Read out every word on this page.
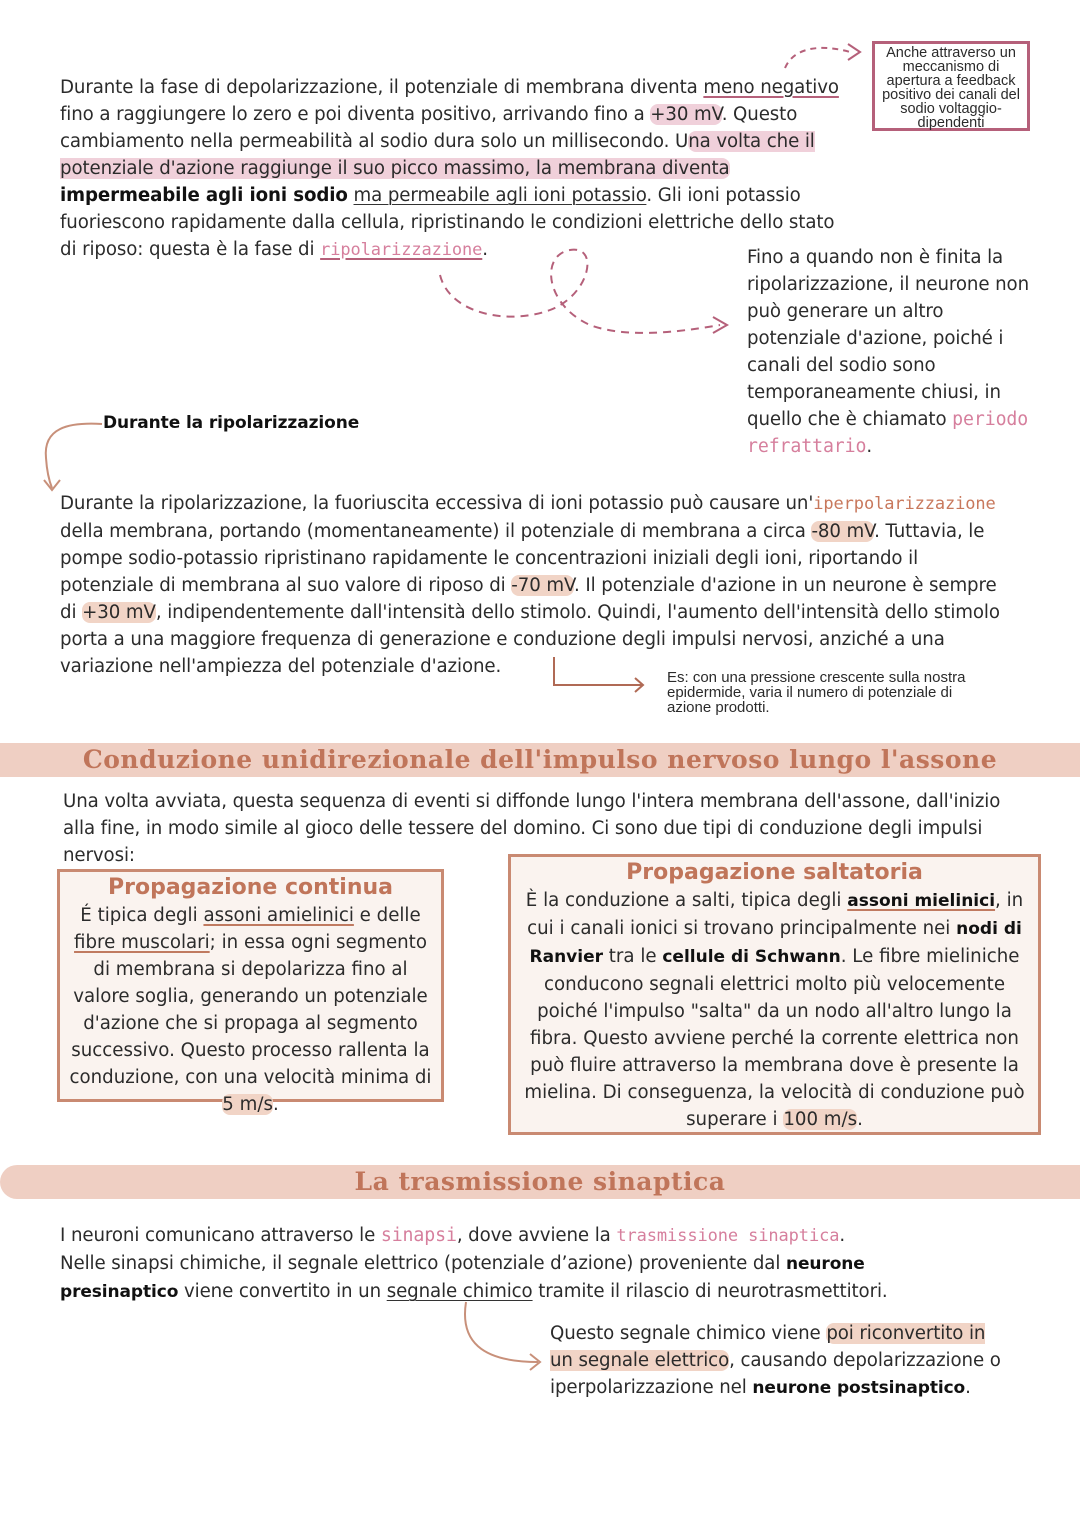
Durante la fase di depolarizzazione, il potenziale di membrana diventa meno negativo fino a raggiungere lo zero e poi diventa positivo, arrivando fino a +30 mV. Questo cambiamento nella permeabilità al sodio dura solo un millisecondo. Una volta che il potenziale d'azione raggiunge il suo picco massimo, la membrana diventa
impermeabile agli ioni sodio ma permeabile agli ioni potassio. Gli ioni potassio fuoriescono rapidamente dalla cellula, ripristinando le condizioni elettriche dello stato di riposo: questa è la fase di ripolarizzazione.
Anche attraverso un meccanismo di apertura a feedback positivo dei canali del sodio voltaggio-dipendenti
Fino a quando non è finita la ripolarizzazione, il neurone non può generare un altro potenziale d'azione, poiché i canali del sodio sono temporaneamente chiusi, in quello che è chiamato periodo refrattario.
Durante la ripolarizzazione
Durante la ripolarizzazione, la fuoriuscita eccessiva di ioni potassio può causare un'iperpolarizzazione della membrana, portando (momentaneamente) il potenziale di membrana a circa -80 mV. Tuttavia, le pompe sodio-potassio ripristinano rapidamente le concentrazioni iniziali degli ioni, riportando il potenziale di membrana al suo valore di riposo di -70 mV. Il potenziale d'azione in un neurone è sempre di +30 mV, indipendentemente dall'intensità dello stimolo. Quindi, l'aumento dell'intensità dello stimolo porta a una maggiore frequenza di generazione e conduzione degli impulsi nervosi, anziché a una variazione nell'ampiezza del potenziale d'azione.
Es: con una pressione crescente sulla nostra epidermide, varia il numero di potenziale di azione prodotti.
Conduzione unidirezionale dell'impulso nervoso lungo l'assone
Una volta avviata, questa sequenza di eventi si diffonde lungo l'intera membrana dell'assone, dall'inizio alla fine, in modo simile al gioco delle tessere del domino. Ci sono due tipi di conduzione degli impulsi nervosi:
Propagazione continua
É tipica degli assoni amielinici e delle fibre muscolari; in essa ogni segmento di membrana si depolarizza fino al valore soglia, generando un potenziale d'azione che si propaga al segmento successivo. Questo processo rallenta la conduzione, con una velocità minima di 5 m/s.
Propagazione saltatoria
È la conduzione a salti, tipica degli assoni mielinici, in cui i canali ionici si trovano principalmente nei nodi di Ranvier tra le cellule di Schwann. Le fibre mieliniche conducono segnali elettrici molto più velocemente poiché l'impulso "salta" da un nodo all'altro lungo la fibra. Questo avviene perché la corrente elettrica non può fluire attraverso la membrana dove è presente la mielina. Di conseguenza, la velocità di conduzione può superare i 100 m/s.
La trasmissione sinaptica
I neuroni comunicano attraverso le sinapsi, dove avviene la trasmissione sinaptica.
Nelle sinapsi chimiche, il segnale elettrico (potenziale d’azione) proveniente dal neurone presinaptico viene convertito in un segnale chimico tramite il rilascio di neurotrasmettitori.
Questo segnale chimico viene poi riconvertito in un segnale elettrico, causando depolarizzazione o iperpolarizzazione nel neurone postsinaptico.
